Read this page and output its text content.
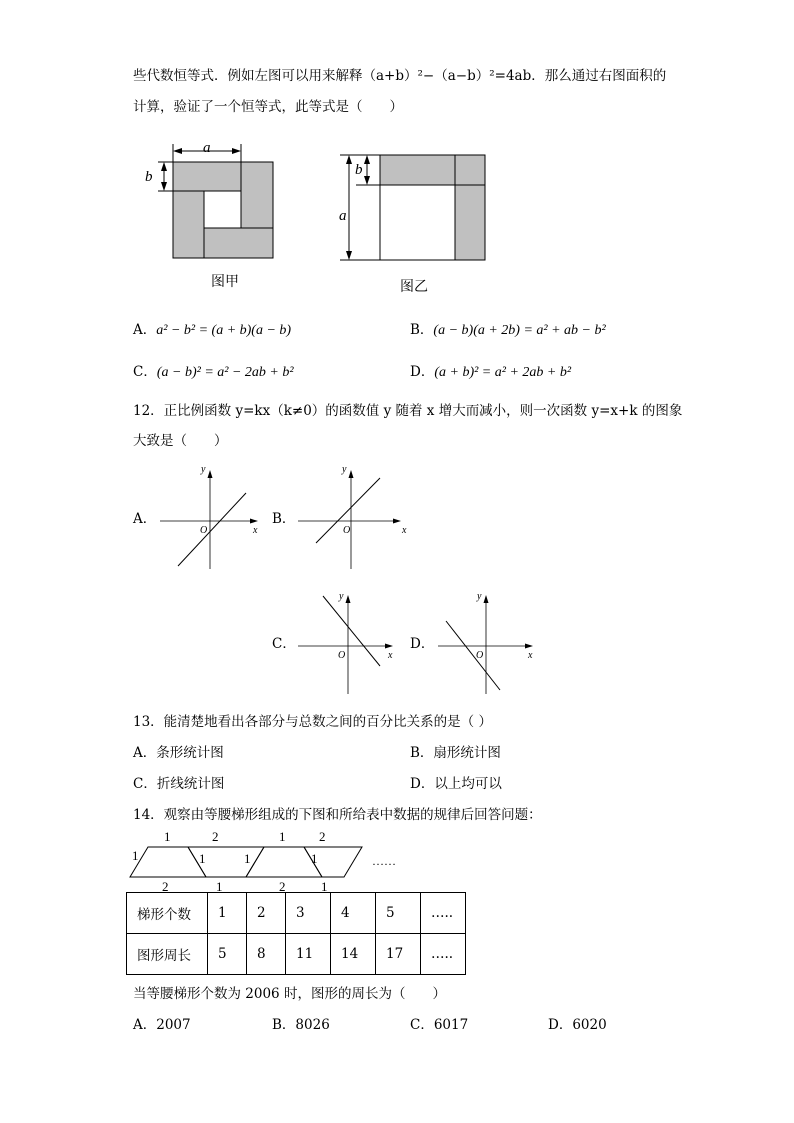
些代数恒等式．例如左图可以用来解释（a+b）²−（a−b）²=4ab．那么通过右图面积的
计算，验证了一个恒等式，此等式是（　　）
a
b
图甲
b
a
图乙
A．a² − b² = (a + b)(a − b)	B．(a − b)(a + 2b) = a² + ab − b²
C．(a − b)² = a² − 2ab + b²	D．(a + b)² = a² + 2ab + b²
12．正比例函数 y=kx（k≠0）的函数值 y 随着 x 增大而减小，则一次函数 y=x+k 的图象
大致是（　　）
A．
y
x
O
B．
y
x
O
C．
y
x
O
D．
y
x
O
13．能清楚地看出各部分与总数之间的百分比关系的是（ ）
A．条形统计图	B．扇形统计图
C．折线统计图	D．以上均可以
14．观察由等腰梯形组成的下图和所给表中数据的规律后回答问题：
1	2	1	2
1	1	1	1
2	1	2	1
……
梯形个数	1	2	3	4	5	…..
图形周长	5	8	11	14	17	…..
当等腰梯形个数为 2006 时，图形的周长为（　　）
A．2007	B．8026	C．6017	D．6020
